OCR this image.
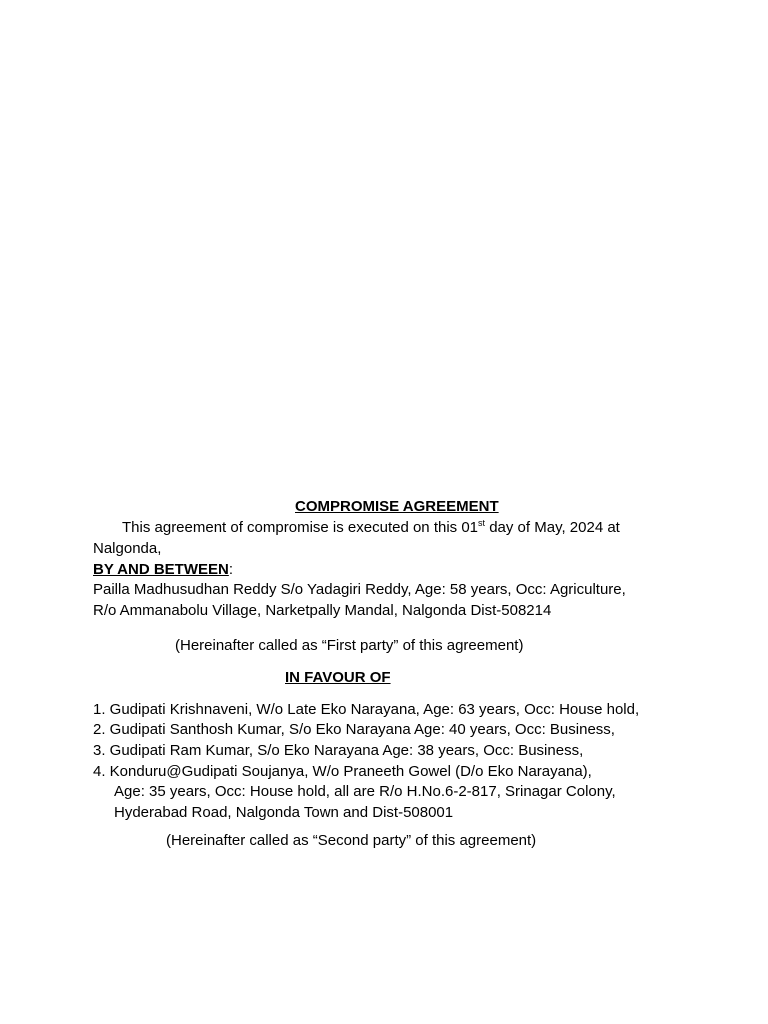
COMPROMISE AGREEMENT
This agreement of compromise is executed on this 01st day of May, 2024 at
Nalgonda,
BY AND BETWEEN:
Pailla Madhusudhan Reddy S/o Yadagiri Reddy, Age: 58 years, Occ: Agriculture,
R/o Ammanabolu Village, Narketpally Mandal, Nalgonda Dist-508214
(Hereinafter called as “First party” of this agreement)
IN FAVOUR OF
1. Gudipati Krishnaveni, W/o Late Eko Narayana, Age: 63 years, Occ: House hold,
2. Gudipati Santhosh Kumar, S/o Eko Narayana Age: 40 years, Occ: Business,
3. Gudipati Ram Kumar, S/o Eko Narayana Age: 38 years, Occ: Business,
4. Konduru@Gudipati Soujanya, W/o Praneeth Gowel (D/o Eko Narayana),
Age: 35 years, Occ: House hold, all are R/o H.No.6-2-817, Srinagar Colony,
Hyderabad Road, Nalgonda Town and Dist-508001
(Hereinafter called as “Second party” of this agreement)
